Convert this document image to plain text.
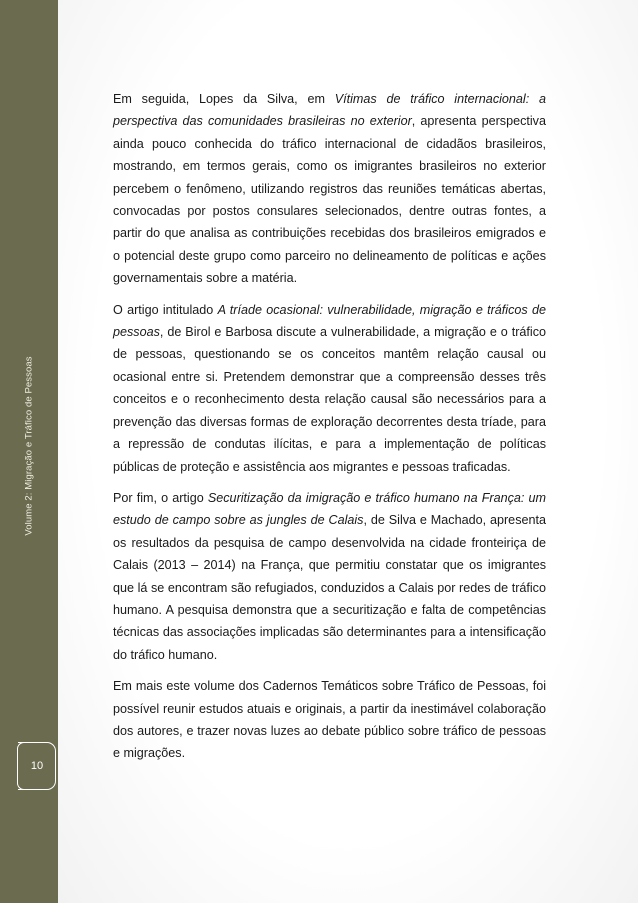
Volume 2: Migração e Tráfico de Pessoas
10

Em seguida, Lopes da Silva, em Vítimas de tráfico internacional: a perspectiva das comunidades brasileiras no exterior, apresenta perspectiva ainda pouco conhecida do tráfico internacional de cidadãos brasileiros, mostrando, em termos gerais, como os imigrantes brasileiros no exterior percebem o fenômeno, utilizando registros das reuniões temáticas abertas, convocadas por postos consulares selecionados, dentre outras fontes, a partir do que analisa as contribuições recebidas dos brasileiros emigrados e o potencial deste grupo como parceiro no delineamento de políticas e ações governamentais sobre a matéria.

O artigo intitulado A tríade ocasional: vulnerabilidade, migração e tráficos de pessoas, de Birol e Barbosa discute a vulnerabilidade, a migração e o tráfico de pessoas, questionando se os conceitos mantêm relação causal ou ocasional entre si. Pretendem demonstrar que a compreensão desses três conceitos e o reconhecimento desta relação causal são necessários para a prevenção das diversas formas de exploração decorrentes desta tríade, para a repressão de condutas ilícitas, e para a implementação de políticas públicas de proteção e assistência aos migrantes e pessoas traficadas.

Por fim, o artigo Securitização da imigração e tráfico humano na França: um estudo de campo sobre as jungles de Calais, de Silva e Machado, apresenta os resultados da pesquisa de campo desenvolvida na cidade fronteiriça de Calais (2013 – 2014) na França, que permitiu constatar que os imigrantes que lá se encontram são refugiados, conduzidos a Calais por redes de tráfico humano. A pesquisa demonstra que a securitização e falta de competências técnicas das associações implicadas são determinantes para a intensificação do tráfico humano.

Em mais este volume dos Cadernos Temáticos sobre Tráfico de Pessoas, foi possível reunir estudos atuais e originais, a partir da inestimável colaboração dos autores, e trazer novas luzes ao debate público sobre tráfico de pessoas e migrações.
